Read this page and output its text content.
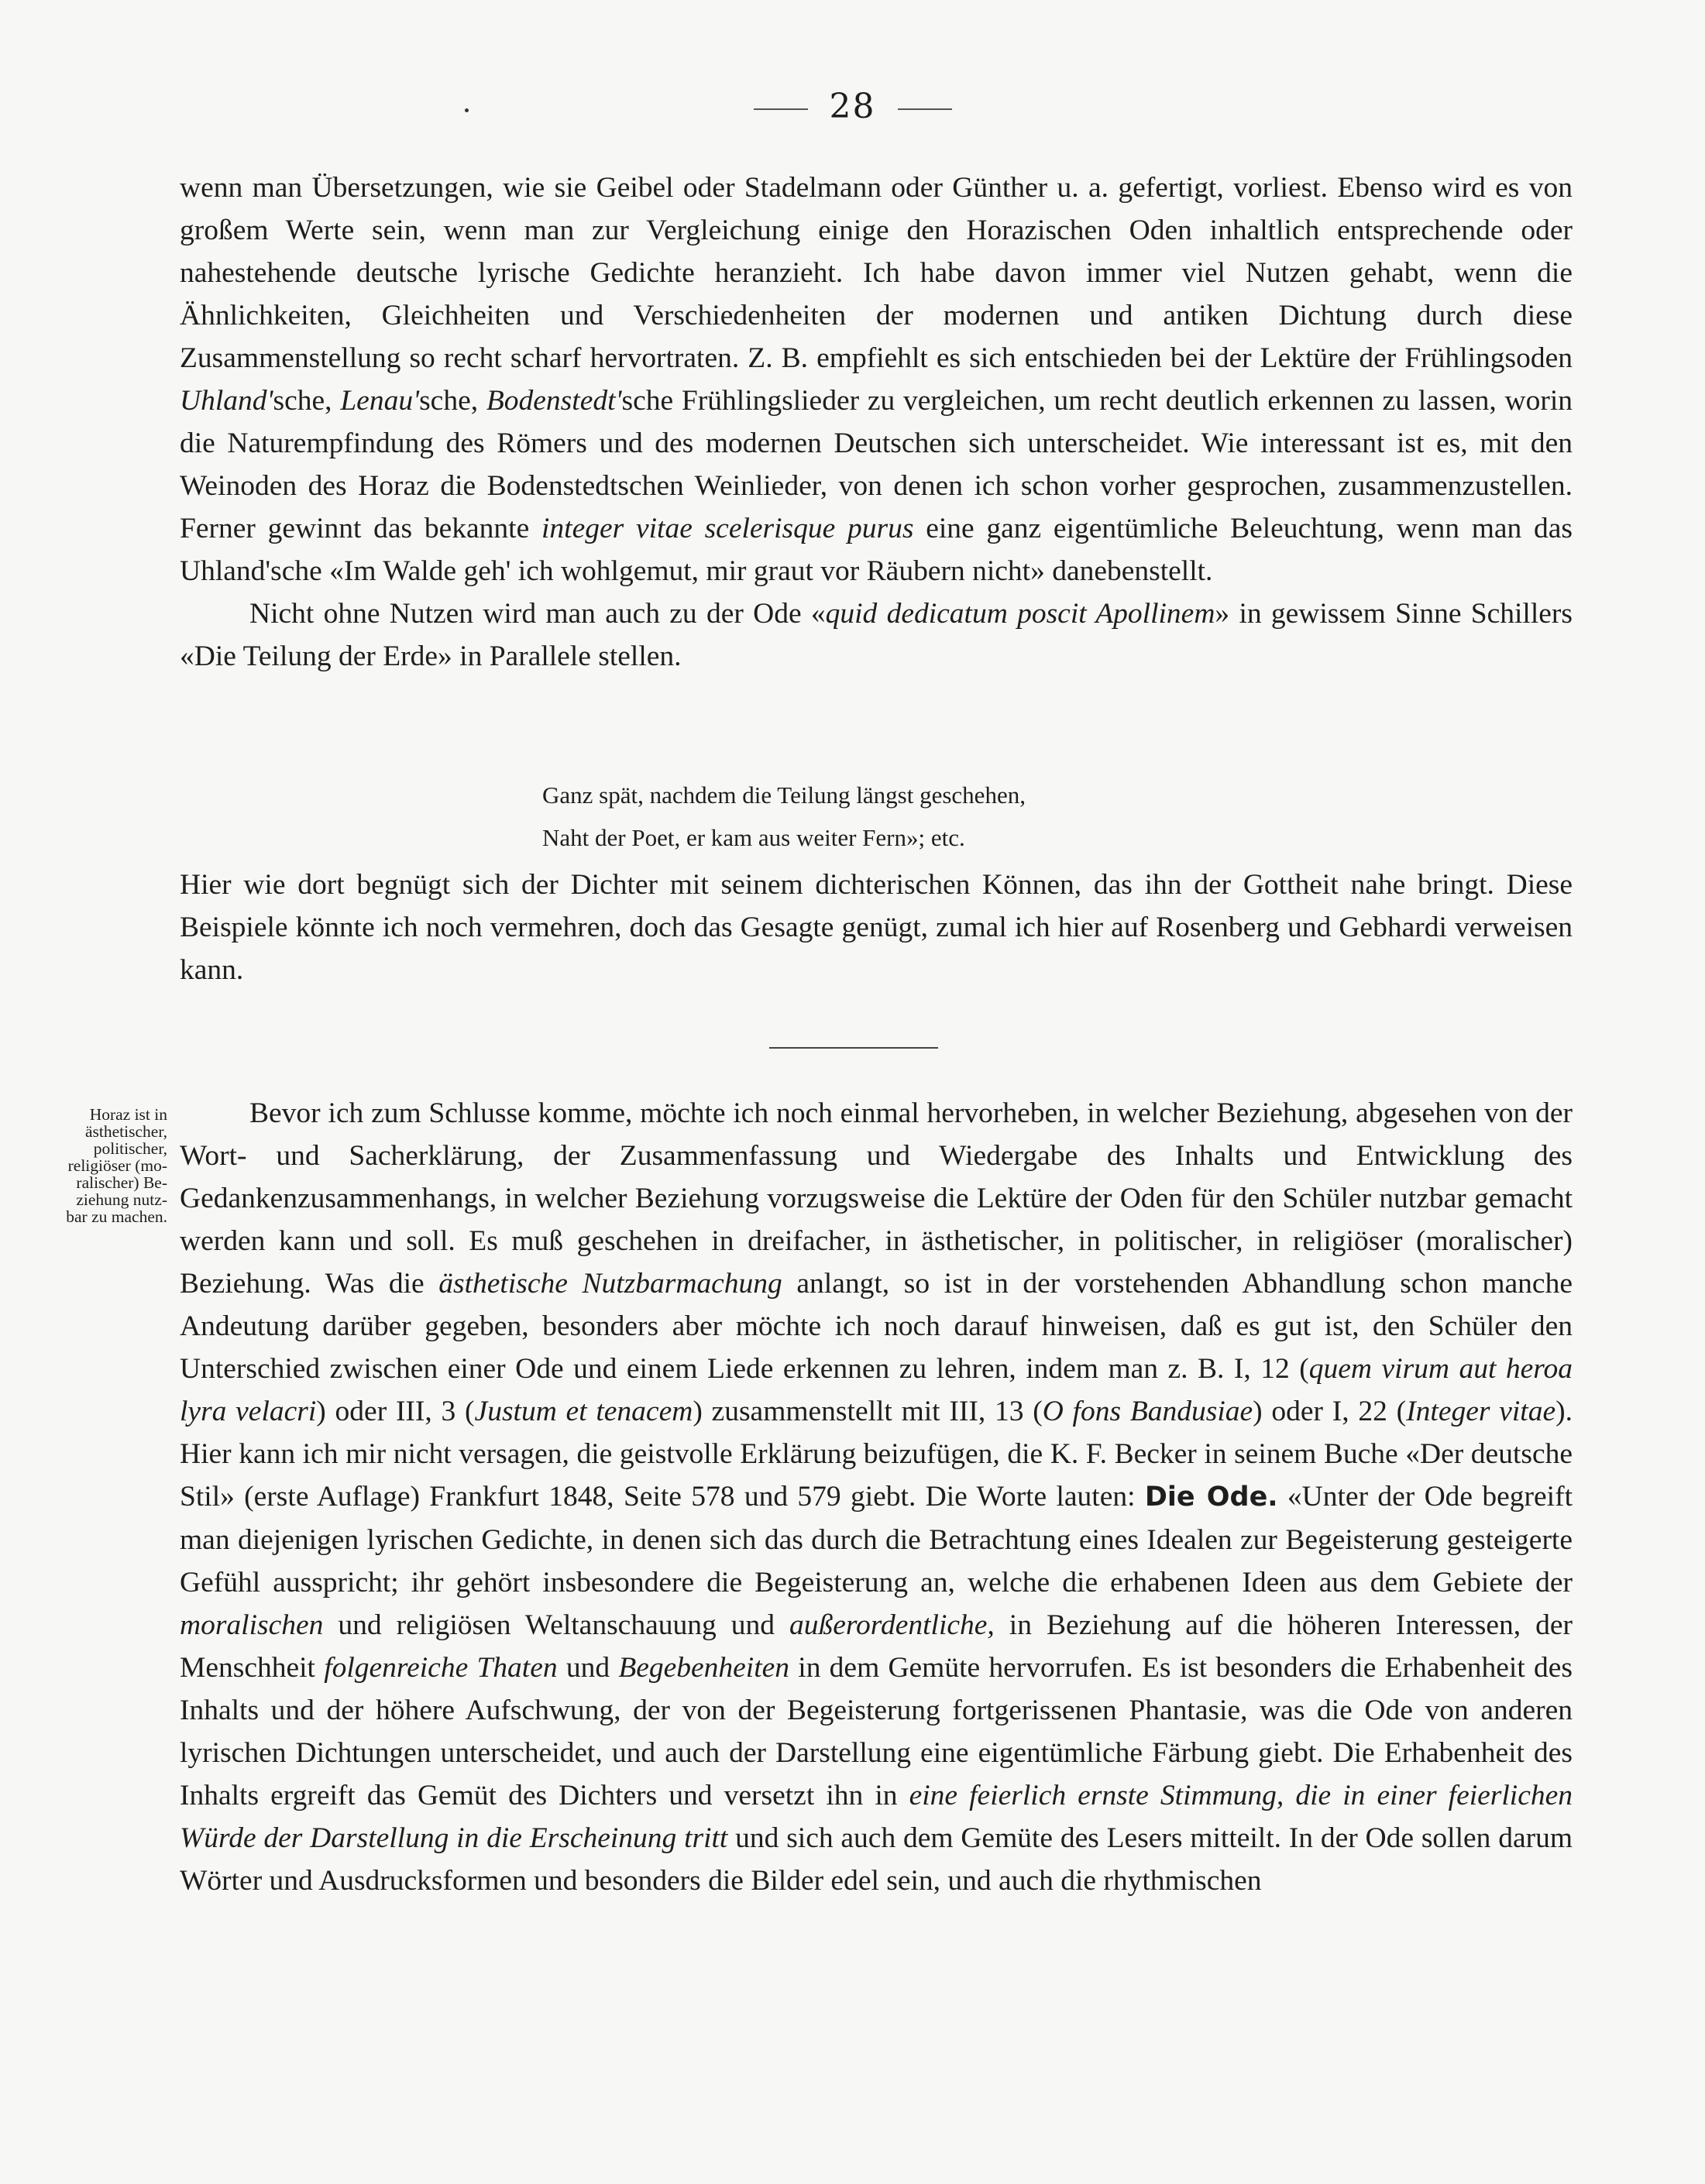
28

wenn man Übersetzungen, wie sie Geibel oder Stadelmann oder Günther u. a. gefertigt, vorliest. Ebenso wird es von großem Werte sein, wenn man zur Vergleichung einige den Horazischen Oden inhaltlich entsprechende oder nahestehende deutsche lyrische Gedichte heranzieht. Ich habe davon immer viel Nutzen gehabt, wenn die Ähnlichkeiten, Gleichheiten und Verschiedenheiten der modernen und antiken Dichtung durch diese Zusammenstellung so recht scharf hervortraten. Z. B. empfiehlt es sich entschieden bei der Lektüre der Frühlingsoden Uhland'sche, Lenau'sche, Bodenstedt'sche Frühlingslieder zu vergleichen, um recht deutlich erkennen zu lassen, worin die Naturempfindung des Römers und des modernen Deutschen sich unterscheidet. Wie interessant ist es, mit den Weinoden des Horaz die Bodenstedtschen Weinlieder, von denen ich schon vorher gesprochen, zusammenzustellen. Ferner gewinnt das bekannte integer vitae scelerisque purus eine ganz eigentümliche Beleuchtung, wenn man das Uhland'sche «Im Walde geh' ich wohlgemut, mir graut vor Räubern nicht» danebenstellt.

Nicht ohne Nutzen wird man auch zu der Ode «quid dedicatum poscit Apollinem» in gewissem Sinne Schillers «Die Teilung der Erde» in Parallele stellen.

Ganz spät, nachdem die Teilung längst geschehen,
Naht der Poet, er kam aus weiter Fern»; etc.

Hier wie dort begnügt sich der Dichter mit seinem dichterischen Können, das ihn der Gottheit nahe bringt. Diese Beispiele könnte ich noch vermehren, doch das Gesagte genügt, zumal ich hier auf Rosenberg und Gebhardi verweisen kann.

Horaz ist in
ästhetischer,
politischer,
religiöser (mo-
ralischer) Be-
ziehung nutz-
bar zu machen.

Bevor ich zum Schlusse komme, möchte ich noch einmal hervorheben, in welcher Beziehung, abgesehen von der Wort- und Sacherklärung, der Zusammenfassung und Wiedergabe des Inhalts und Entwicklung des Gedankenzusammenhangs, in welcher Beziehung vorzugsweise die Lektüre der Oden für den Schüler nutzbar gemacht werden kann und soll. Es muß geschehen in dreifacher, in ästhetischer, in politischer, in religiöser (moralischer) Beziehung. Was die ästhetische Nutzbarmachung anlangt, so ist in der vorstehenden Abhandlung schon manche Andeutung darüber gegeben, besonders aber möchte ich noch darauf hinweisen, daß es gut ist, den Schüler den Unterschied zwischen einer Ode und einem Liede erkennen zu lehren, indem man z. B. I, 12 (quem virum aut heroa lyra velacri) oder III, 3 (Justum et tenacem) zusammenstellt mit III, 13 (O fons Bandusiae) oder I, 22 (Integer vitae). Hier kann ich mir nicht versagen, die geistvolle Erklärung beizufügen, die K. F. Becker in seinem Buche «Der deutsche Stil» (erste Auflage) Frankfurt 1848, Seite 578 und 579 giebt. Die Worte lauten: Die Ode. «Unter der Ode begreift man diejenigen lyrischen Gedichte, in denen sich das durch die Betrachtung eines Idealen zur Begeisterung gesteigerte Gefühl ausspricht; ihr gehört insbesondere die Begeisterung an, welche die erhabenen Ideen aus dem Gebiete der moralischen und religiösen Weltanschauung und außerordentliche, in Beziehung auf die höheren Interessen, der Menschheit folgenreiche Thaten und Begebenheiten in dem Gemüte hervorrufen. Es ist besonders die Erhabenheit des Inhalts und der höhere Aufschwung, der von der Begeisterung fortgerissenen Phantasie, was die Ode von anderen lyrischen Dichtungen unterscheidet, und auch der Darstellung eine eigentümliche Färbung giebt. Die Erhabenheit des Inhalts ergreift das Gemüt des Dichters und versetzt ihn in eine feierlich ernste Stimmung, die in einer feierlichen Würde der Darstellung in die Erscheinung tritt und sich auch dem Gemüte des Lesers mitteilt. In der Ode sollen darum Wörter und Ausdrucksformen und besonders die Bilder edel sein, und auch die rhythmischen
